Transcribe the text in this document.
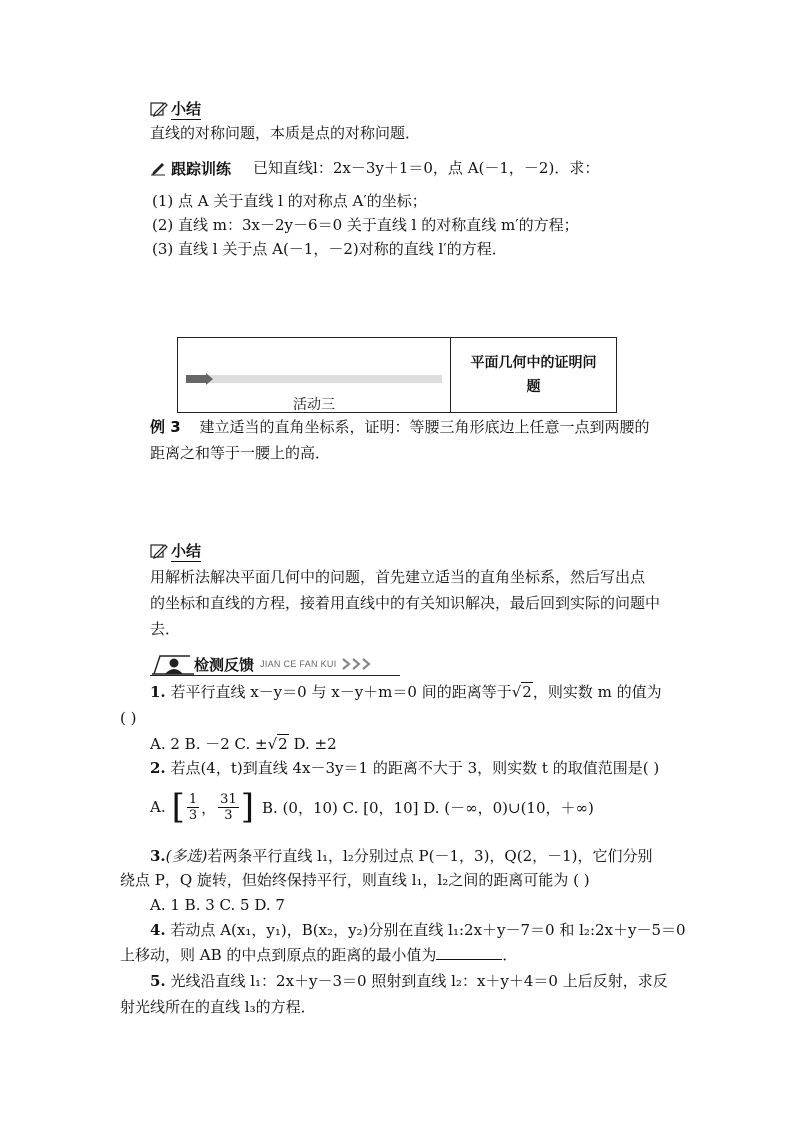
小结
直线的对称问题，本质是点的对称问题．
跟踪训练 已知直线l：2x－3y＋1＝0，点 A(－1，－2)．求：
(1) 点 A 关于直线 l 的对称点 A′的坐标；
(2) 直线 m：3x－2y－6＝0 关于直线 l 的对称直线 m′的方程；
(3) 直线 l 关于点 A(－1，－2)对称的直线 l′的方程．
活动三
平面几何中的证明问
题
例 3 建立适当的直角坐标系，证明：等腰三角形底边上任意一点到两腰的
距离之和等于一腰上的高．
小结
用解析法解决平面几何中的问题，首先建立适当的直角坐标系，然后写出点
的坐标和直线的方程，接着用直线中的有关知识解决，最后回到实际的问题中
去．
检测反馈 JIAN CE FAN KUI
1. 若平行直线 x－y＝0 与 x－y＋m＝0 间的距离等于√2，则实数 m 的值为
( )
A. 2 B. －2 C. ±√2 D. ±2
2. 若点(4，t)到直线 4x－3y＝1 的距离不大于 3，则实数 t 的取值范围是( )
A. [ $\frac{1}{3}$ ， $\frac{31}{3}$ ] B. (0，10) C. [0，10] D. (－∞，0)∪(10，＋∞)
3.(多选)若两条平行直线 l₁，l₂分别过点 P(－1，3)，Q(2，－1)，它们分别
绕点 P，Q 旋转，但始终保持平行，则直线 l₁，l₂之间的距离可能为 ( )
A. 1 B. 3 C. 5 D. 7
4. 若动点 A(x₁，y₁)，B(x₂，y₂)分别在直线 l₁:2x＋y－7＝0 和 l₂:2x＋y－5＝0
上移动，则 AB 的中点到原点的距离的最小值为	．
5. 光线沿直线 l₁：2x＋y－3＝0 照射到直线 l₂：x＋y＋4＝0 上后反射，求反
射光线所在的直线 l₃的方程．
